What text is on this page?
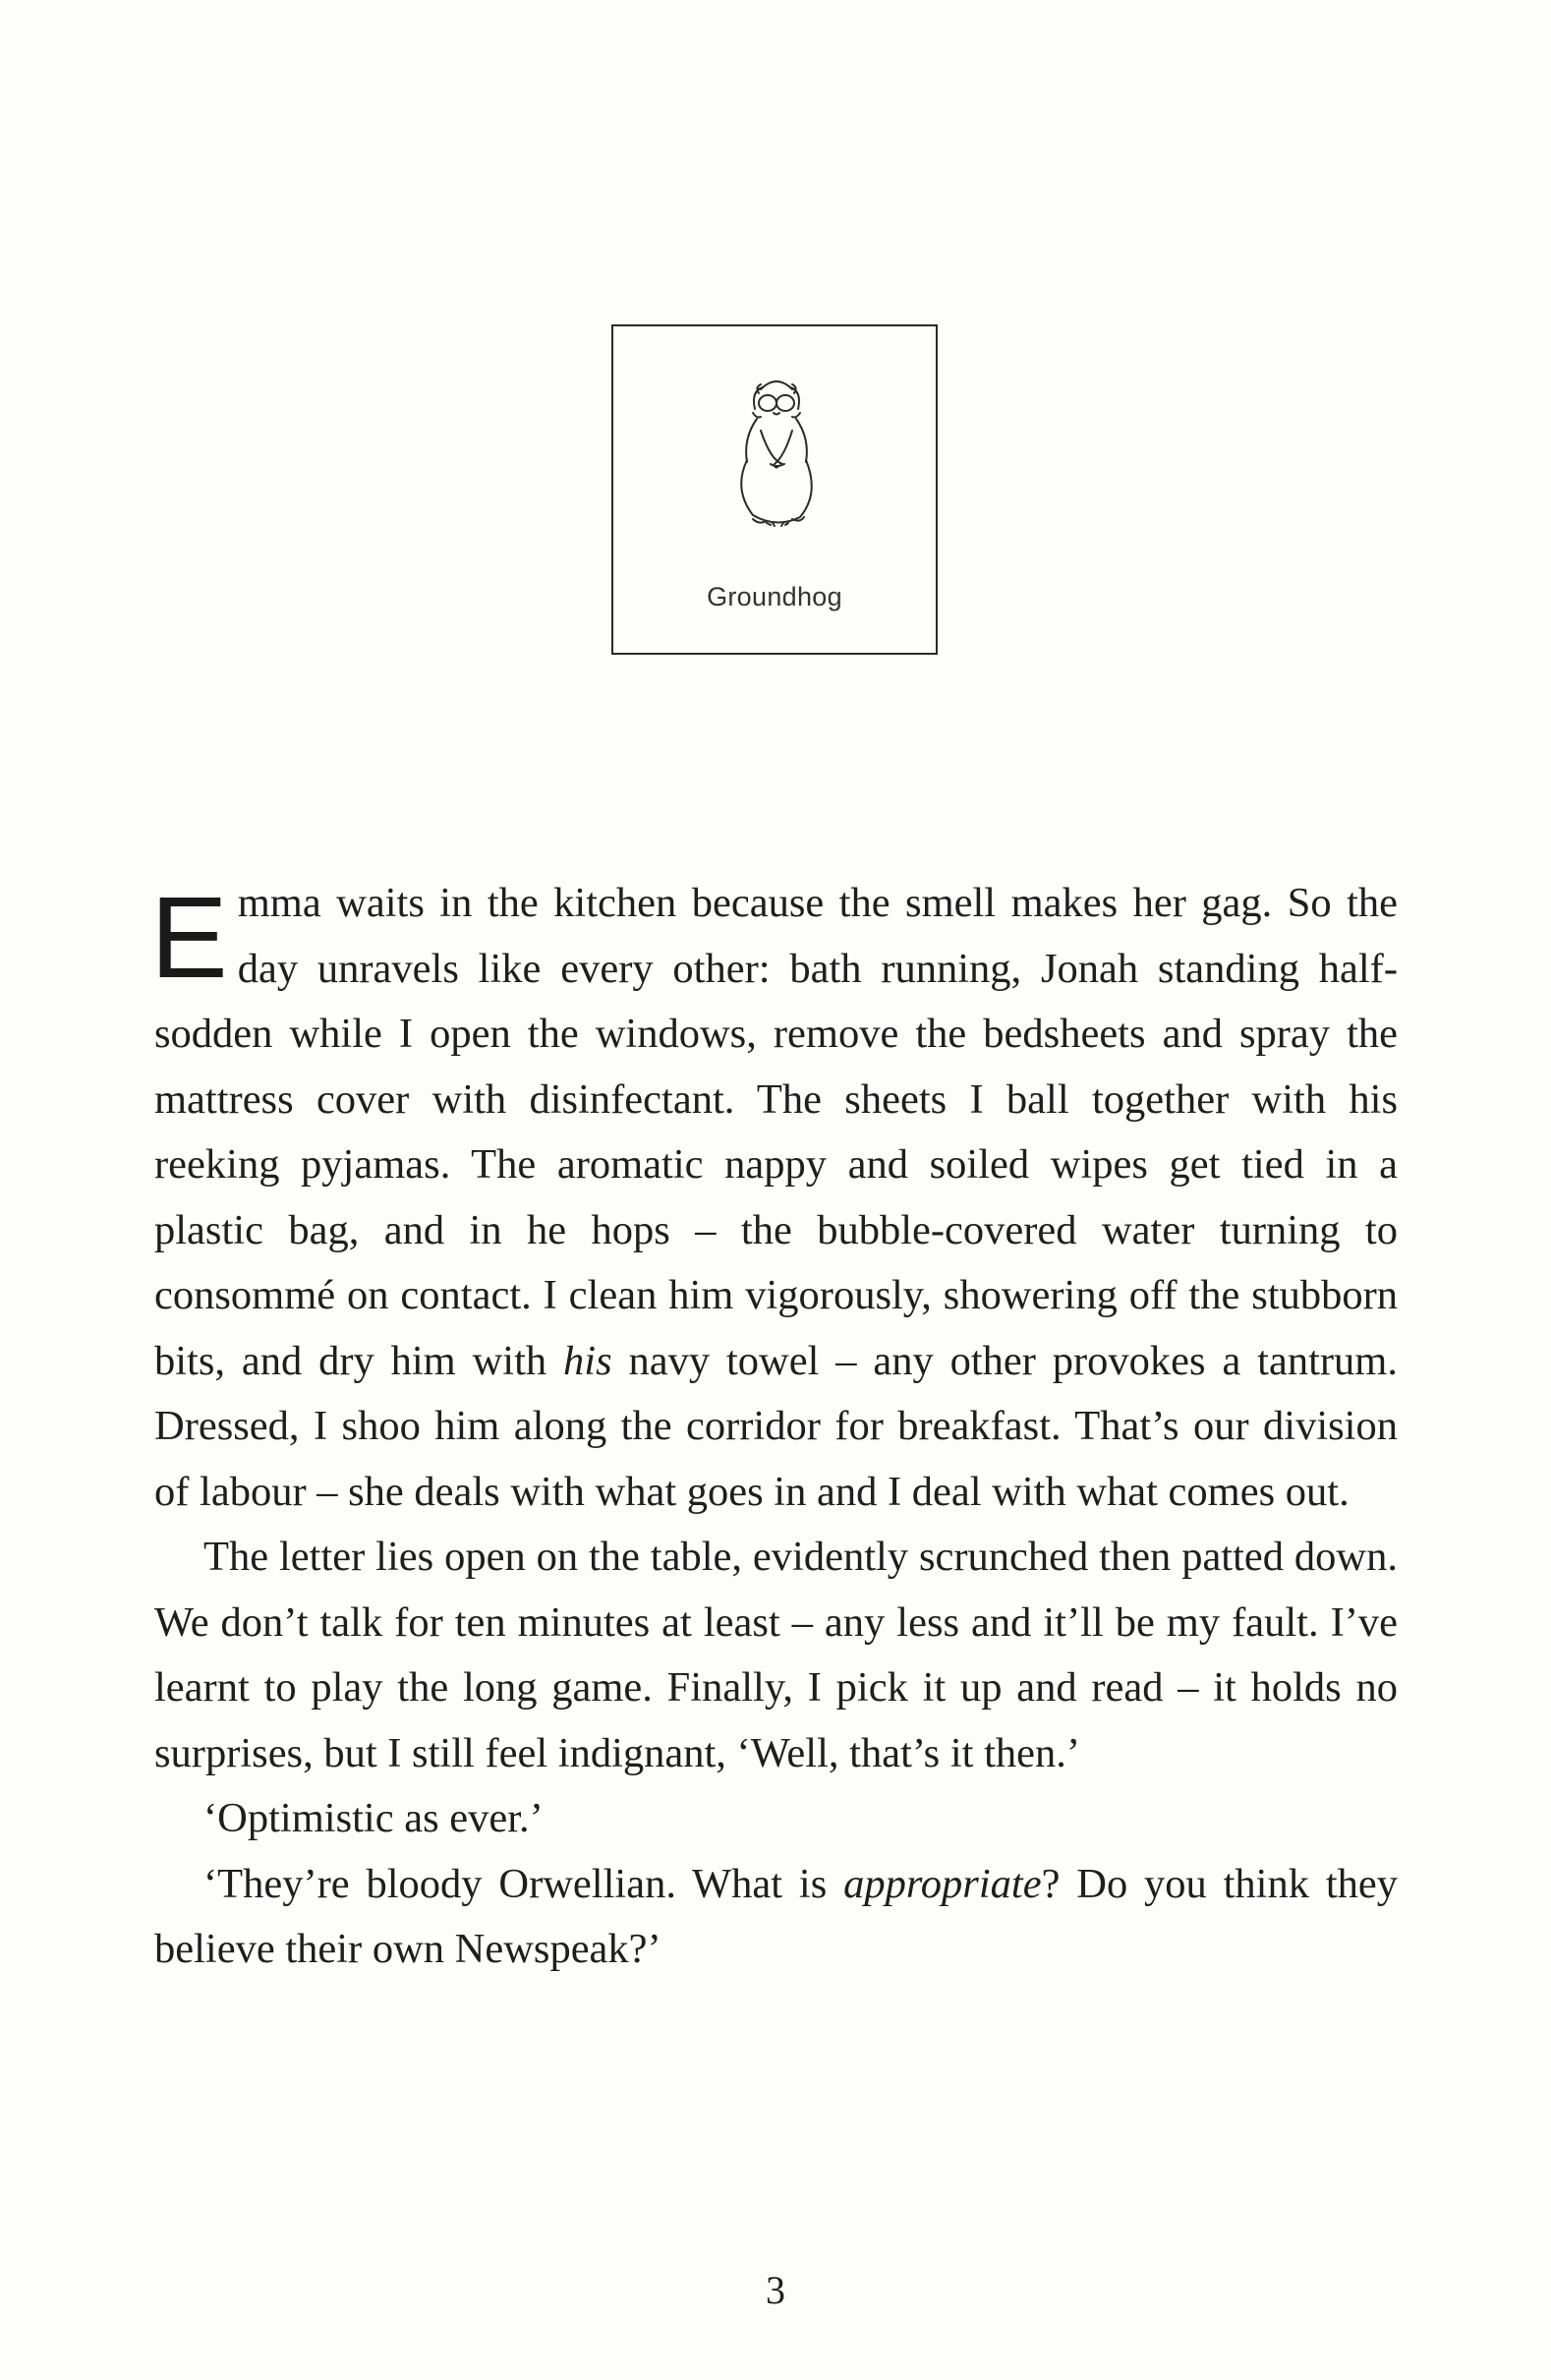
Groundhog

Emma waits in the kitchen because the smell makes her gag. So the day unravels like every other: bath running, Jonah standing half-sodden while I open the windows, remove the bedsheets and spray the mattress cover with disinfectant. The sheets I ball together with his reeking pyjamas. The aromatic nappy and soiled wipes get tied in a plastic bag, and in he hops – the bubble-covered water turning to consommé on contact. I clean him vigorously, showering off the stubborn bits, and dry him with his navy towel – any other provokes a tantrum. Dressed, I shoo him along the corridor for breakfast. That’s our division of labour – she deals with what goes in and I deal with what comes out.

The letter lies open on the table, evidently scrunched then patted down. We don’t talk for ten minutes at least – any less and it’ll be my fault. I’ve learnt to play the long game. Finally, I pick it up and read – it holds no surprises, but I still feel indignant, ‘Well, that’s it then.’

‘Optimistic as ever.’

‘They’re bloody Orwellian. What is appropriate? Do you think they believe their own Newspeak?’

3
